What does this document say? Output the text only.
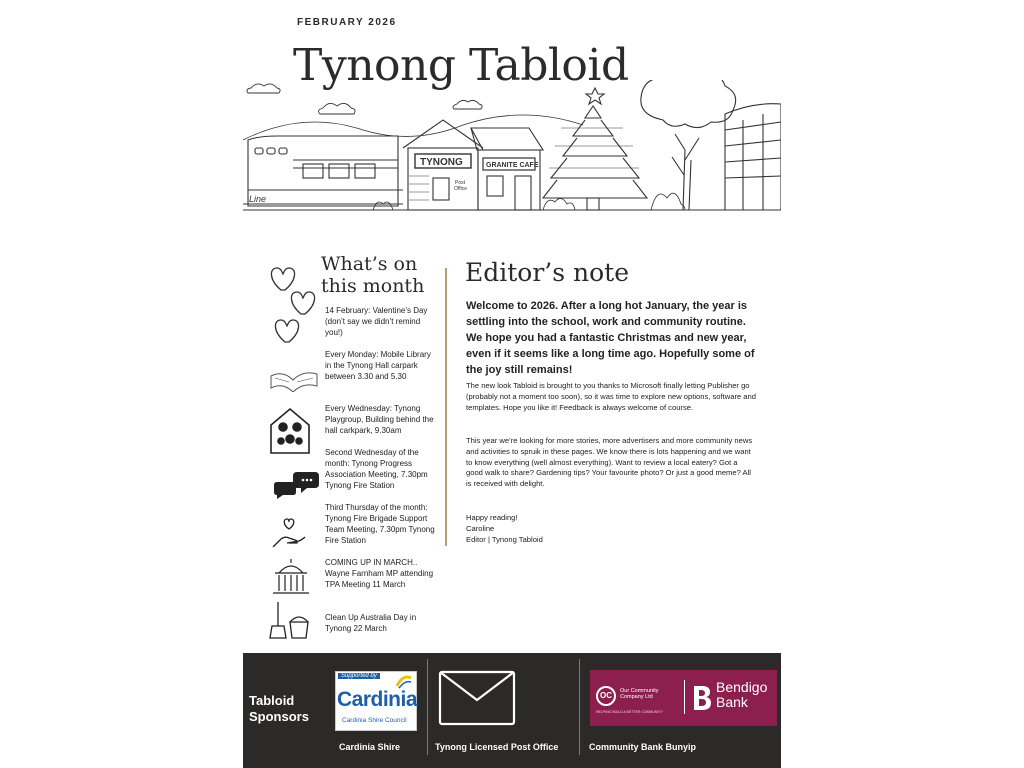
FEBRUARY 2026
Tynong Tabloid
Line
TYNONG
Post
Office
GRANITE CAFE
What’s on
this month
14 February: Valentine’s Day (don’t say we didn’t remind you!)
Every Monday: Mobile Library in the Tynong Hall carpark between 3.30 and 5.30
Every Wednesday: Tynong Playgroup, Building behind the hall carkpark, 9.30am
Second Wednesday of the month: Tynong Progress Association Meeting, 7.30pm Tynong Fire Station
Third Thursday of the month: Tynong Fire Brigade Support Team Meeting, 7.30pm Tynong Fire Station
COMING UP IN MARCH.. Wayne Farnham MP attending TPA Meeting 11 March
Clean Up Australia Day in Tynong 22 March
Editor’s note
Welcome to 2026. After a long hot January, the year is settling into the school, work and community routine. We hope you had a fantastic Christmas and new year, even if it seems like a long time ago. Hopefully some of the joy still remains!
The new look Tabloid is brought to you thanks to Microsoft finally letting Publisher go (probably not a moment too soon), so it was time to explore new options, software and templates. Hope you like it! Feedback is always welcome of course.
This year we’re looking for more stories, more advertisers and more community news and activities to spruik in these pages. We know there is lots happening and we want to know everything (well almost everything). Want to review a local eatery? Got a good walk to share? Gardening tips? Your favourite photo? Or just a good meme? All is received with delight.
Happy reading!
Caroline
Editor | Tynong Tabloid
Tabloid
Sponsors
Supported by
Cardinia
Cardinia Shire Council
OC	Our Community Company Ltd
HELPING BUILD A BETTER COMMUNITY
Bendigo
Bank
Cardinia Shire	Tynong Licensed Post Office	Community Bank Bunyip
